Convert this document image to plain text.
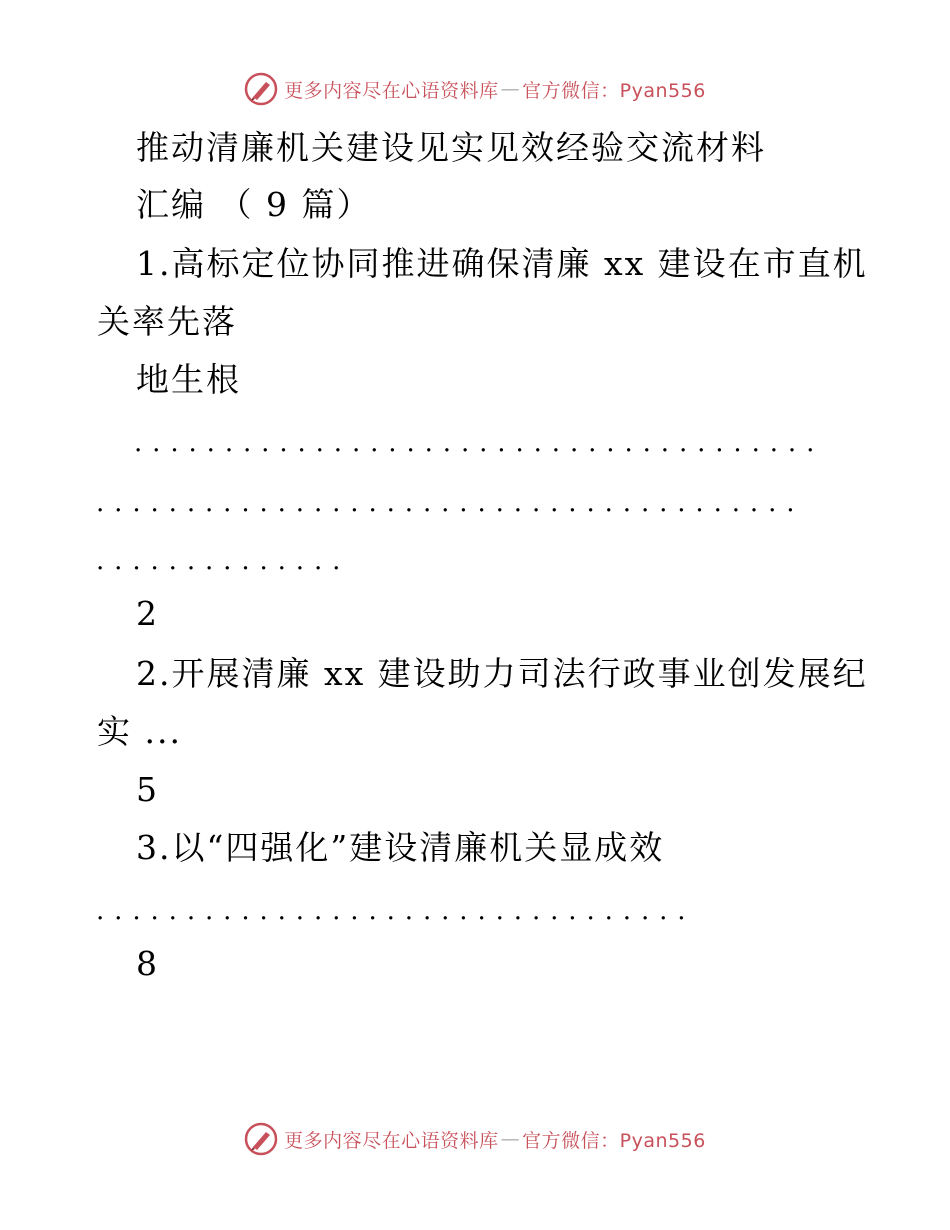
更多内容尽在心语资料库 — 官方微信：Pyan556
推动清廉机关建设见实见效经验交流材料
汇编 （ 9 篇）
1.高标定位协同推进确保清廉 xx 建设在市直机
关率先落
地生根
......................................
.......................................
..............
2
2.开展清廉 xx 建设助力司法行政事业创发展纪
实 ...
5
3.以“四强化”建设清廉机关显成效
.................................
8
更多内容尽在心语资料库 — 官方微信：Pyan556
